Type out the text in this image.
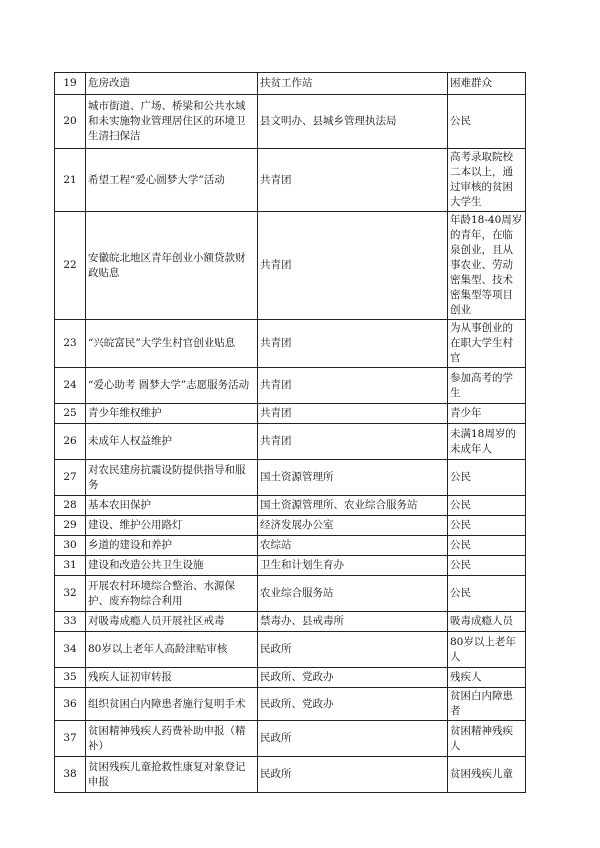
19	危房改造	扶贫工作站	困难群众
20	城市街道、广场、桥梁和公共水域和未实施物业管理居住区的环境卫生清扫保洁	县文明办、县城乡管理执法局	公民
21	希望工程“爱心圆梦大学”活动	共青团	高考录取院校二本以上，通过审核的贫困大学生
22	安徽皖北地区青年创业小额贷款财政贴息	共青团	年龄18-40周岁的青年，在临泉创业，且从事农业、劳动密集型、技术密集型等项目创业
23	“兴皖富民”大学生村官创业贴息	共青团	为从事创业的在职大学生村官
24	“爱心助考 圆梦大学”志愿服务活动	共青团	参加高考的学生
25	青少年维权维护	共青团	青少年
26	未成年人权益维护	共青团	未满18周岁的未成年人
27	对农民建房抗震设防提供指导和服务	国土资源管理所	公民
28	基本农田保护	国土资源管理所、农业综合服务站	公民
29	建设、维护公用路灯	经济发展办公室	公民
30	乡道的建设和养护	农综站	公民
31	建设和改造公共卫生设施	卫生和计划生育办	公民
32	开展农村环境综合整治、水源保护、废弃物综合利用	农业综合服务站	公民
33	对吸毒成瘾人员开展社区戒毒	禁毒办、县戒毒所	吸毒成瘾人员
34	80岁以上老年人高龄津贴审核	民政所	80岁以上老年人
35	残疾人证初审转报	民政所、党政办	残疾人
36	组织贫困白内障患者施行复明手术	民政所、党政办	贫困白内障患者
37	贫困精神残疾人药费补助申报（精补）	民政所	贫困精神残疾人
38	贫困残疾儿童抢救性康复对象登记申报	民政所	贫困残疾儿童
